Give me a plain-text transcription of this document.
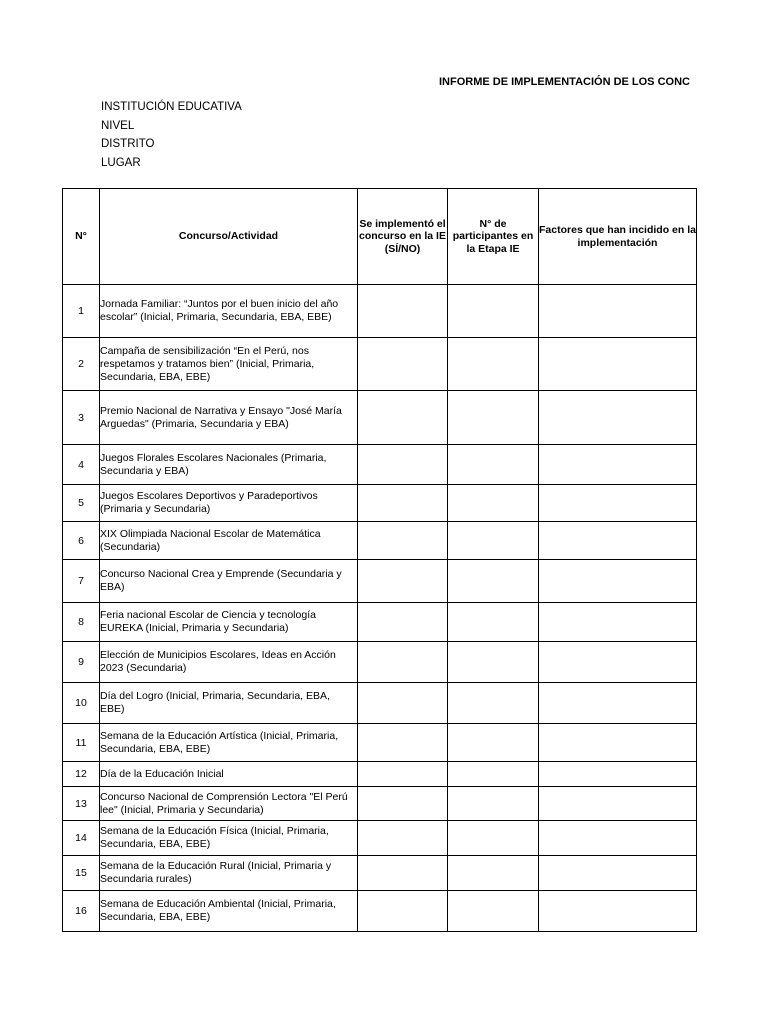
INFORME DE IMPLEMENTACIÓN DE LOS CONC
INSTITUCIÓN EDUCATIVA
NIVEL
DISTRITO
LUGAR
N°	Concurso/Actividad	Se implementó el concurso en la IE (SÍ/NO)	N° de participantes en la Etapa IE	Factores que han incidido en la implementación
1	Jornada Familiar: “Juntos por el buen inicio del año escolar” (Inicial, Primaria, Secundaria, EBA, EBE)			
2	Campaña de sensibilización “En el Perú, nos respetamos y tratamos bien” (Inicial, Primaria, Secundaria, EBA, EBE)			
3	Premio Nacional de Narrativa y Ensayo "José María Arguedas" (Primaria, Secundaria y EBA)			
4	Juegos Florales Escolares Nacionales (Primaria, Secundaria y EBA)			
5	Juegos Escolares Deportivos y Paradeportivos (Primaria y Secundaria)			
6	XIX Olimpiada Nacional Escolar de Matemática (Secundaria)			
7	Concurso Nacional Crea y Emprende (Secundaria y EBA)			
8	Feria nacional Escolar de Ciencia y tecnología EUREKA (Inicial, Primaria y Secundaria)			
9	Elección de Municipios Escolares, Ideas en Acción 2023 (Secundaria)			
10	Día del Logro (Inicial, Primaria, Secundaria, EBA, EBE)			
11	Semana de la Educación Artística (Inicial, Primaria, Secundaria, EBA, EBE)			
12	Día de la Educación Inicial			
13	Concurso Nacional de Comprensión Lectora "El Perú lee" (Inicial, Primaria y Secundaria)			
14	Semana de la Educación Física (Inicial, Primaria, Secundaria, EBA, EBE)			
15	Semana de la Educación Rural (Inicial, Primaria y Secundaria rurales)			
16	Semana de Educación Ambiental (Inicial, Primaria, Secundaria, EBA, EBE)			
